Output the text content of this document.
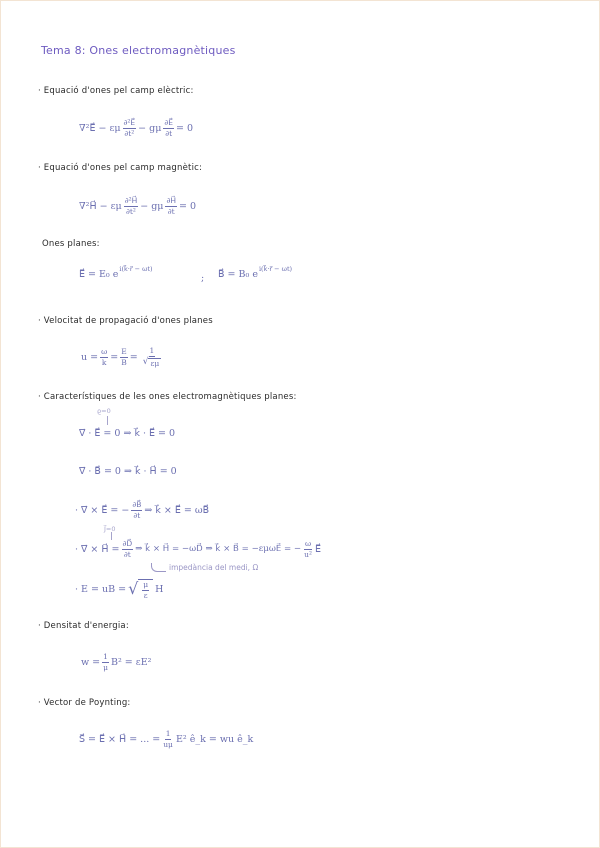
Tema 8: Ones electromagnètiques
· Equació d'ones pel camp elèctric:
∇²E⃗ − εμ $\frac{\text{∂²E⃗}}{\text{∂t²}} - g\mu \frac{\partial E⃗}{\partial t} = 0$
· Equació d'ones pel camp magnètic:
∇²H⃗ − εμ $\frac{\text{∂²H⃗}}{\text{∂t²}} - g\mu \frac{\partial H⃗}{\partial t} = 0$
Ones planes:
E⃗ = E₀ e
i(k⃗·r⃗ − ωt)
; B⃗ = B₀ e
i(k⃗·r⃗ − ωt)
· Velocitat de propagació d'ones planes
$u = \frac{\omega}{k} = \frac{E}{B} = \frac{1}{√ \varepsilon\mu}$
· Característiques de les ones electromagnètiques planes:
ϱ=0
∇⃗ · E⃗ = 0 ⇒ k⃗ · E⃗ = 0
∇⃗ · B⃗ = 0 ⇒ k⃗ · H⃗ = 0
· ∇⃗ × E⃗ = − $\frac{\partial B⃗}{\partial t}$ ⇒ k⃗ × E⃗ = ωB⃗
J⃗=0
· ∇⃗ × H⃗ = $\frac{\partial D⃗}{\partial t}$ ⇒ k⃗ × H⃗ = −ωD⃗ ⇒ k⃗ × B⃗ = −εμωE⃗ = − $\frac{\omega}{\text{u²}}$ E⃗
impedància del medi, Ω
· E = uB = √ $\frac{\mu}{\varepsilon}$ H
· Densitat d'energia:
$w = \frac{1}{\mu} B^2 = \varepsilon E^2$
· Vector de Poynting:
S⃗ = E⃗ × H⃗ = ... = $\frac{1}{u\mu} E^2$ ê_k = wu ê_k
